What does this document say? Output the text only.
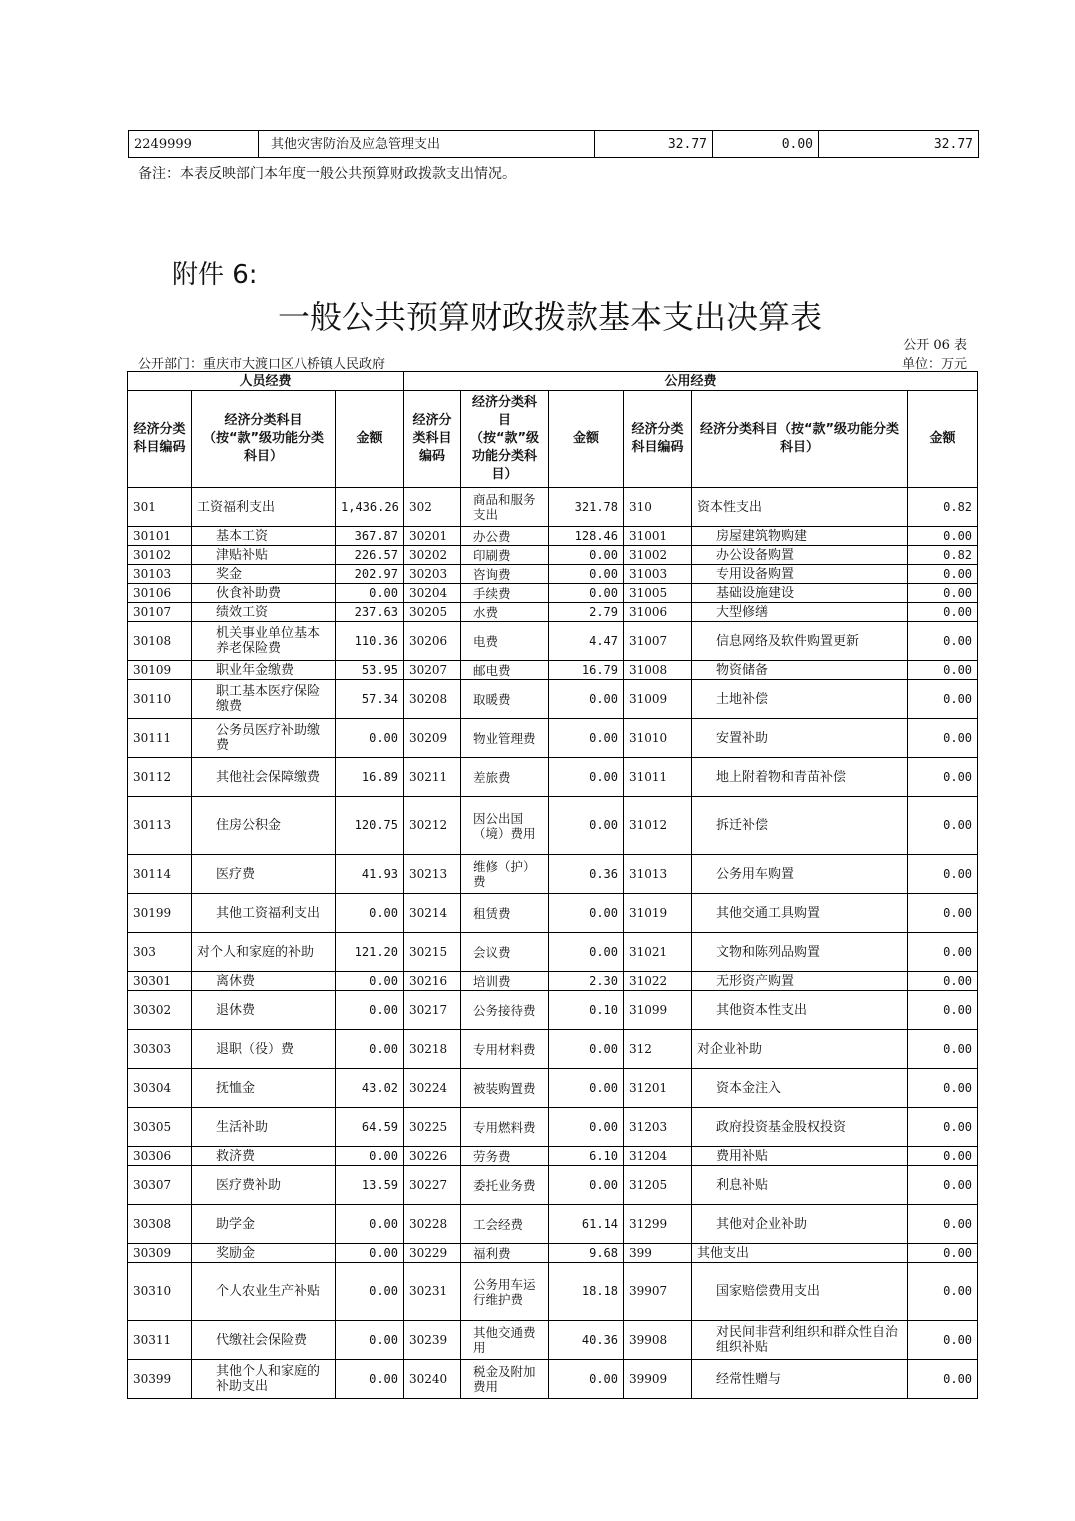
2249999	其他灾害防治及应急管理支出	32.77	0.00	32.77
备注：本表反映部门本年度一般公共预算财政拨款支出情况。
附件 6:
一般公共预算财政拨款基本支出决算表
公开 06 表
公开部门：重庆市大渡口区八桥镇人民政府	单位：万元
人员经费			公用经费					
经济分类科目编码	经济分类科目（按“款”级功能分类科目）	金额	经济分类科目编码	经济分类科目（按“款”级功能分类科目）	金额	经济分类科目编码	经济分类科目（按“款”级功能分类科目）	金额
301	工资福利支出	1,436.26	302	商品和服务支出	321.78	310	资本性支出	0.82
30101	基本工资	367.87	30201	办公费	128.46	31001	房屋建筑物购建	0.00
30102	津贴补贴	226.57	30202	印刷费	0.00	31002	办公设备购置	0.82
30103	奖金	202.97	30203	咨询费	0.00	31003	专用设备购置	0.00
30106	伙食补助费	0.00	30204	手续费	0.00	31005	基础设施建设	0.00
30107	绩效工资	237.63	30205	水费	2.79	31006	大型修缮	0.00
30108	机关事业单位基本养老保险费	110.36	30206	电费	4.47	31007	信息网络及软件购置更新	0.00
30109	职业年金缴费	53.95	30207	邮电费	16.79	31008	物资储备	0.00
30110	职工基本医疗保险缴费	57.34	30208	取暖费	0.00	31009	土地补偿	0.00
30111	公务员医疗补助缴费	0.00	30209	物业管理费	0.00	31010	安置补助	0.00
30112	其他社会保障缴费	16.89	30211	差旅费	0.00	31011	地上附着物和青苗补偿	0.00
30113	住房公积金	120.75	30212	因公出国（境）费用	0.00	31012	拆迁补偿	0.00
30114	医疗费	41.93	30213	维修（护）费	0.36	31013	公务用车购置	0.00
30199	其他工资福利支出	0.00	30214	租赁费	0.00	31019	其他交通工具购置	0.00
303	对个人和家庭的补助	121.20	30215	会议费	0.00	31021	文物和陈列品购置	0.00
30301	离休费	0.00	30216	培训费	2.30	31022	无形资产购置	0.00
30302	退休费	0.00	30217	公务接待费	0.10	31099	其他资本性支出	0.00
30303	退职（役）费	0.00	30218	专用材料费	0.00	312	对企业补助	0.00
30304	抚恤金	43.02	30224	被装购置费	0.00	31201	资本金注入	0.00
30305	生活补助	64.59	30225	专用燃料费	0.00	31203	政府投资基金股权投资	0.00
30306	救济费	0.00	30226	劳务费	6.10	31204	费用补贴	0.00
30307	医疗费补助	13.59	30227	委托业务费	0.00	31205	利息补贴	0.00
30308	助学金	0.00	30228	工会经费	61.14	31299	其他对企业补助	0.00
30309	奖励金	0.00	30229	福利费	9.68	399	其他支出	0.00
30310	个人农业生产补贴	0.00	30231	公务用车运行维护费	18.18	39907	国家赔偿费用支出	0.00
30311	代缴社会保险费	0.00	30239	其他交通费用	40.36	39908	对民间非营利组织和群众性自治组织补贴	0.00
30399	其他个人和家庭的补助支出	0.00	30240	税金及附加费用	0.00	39909	经常性赠与	0.00
